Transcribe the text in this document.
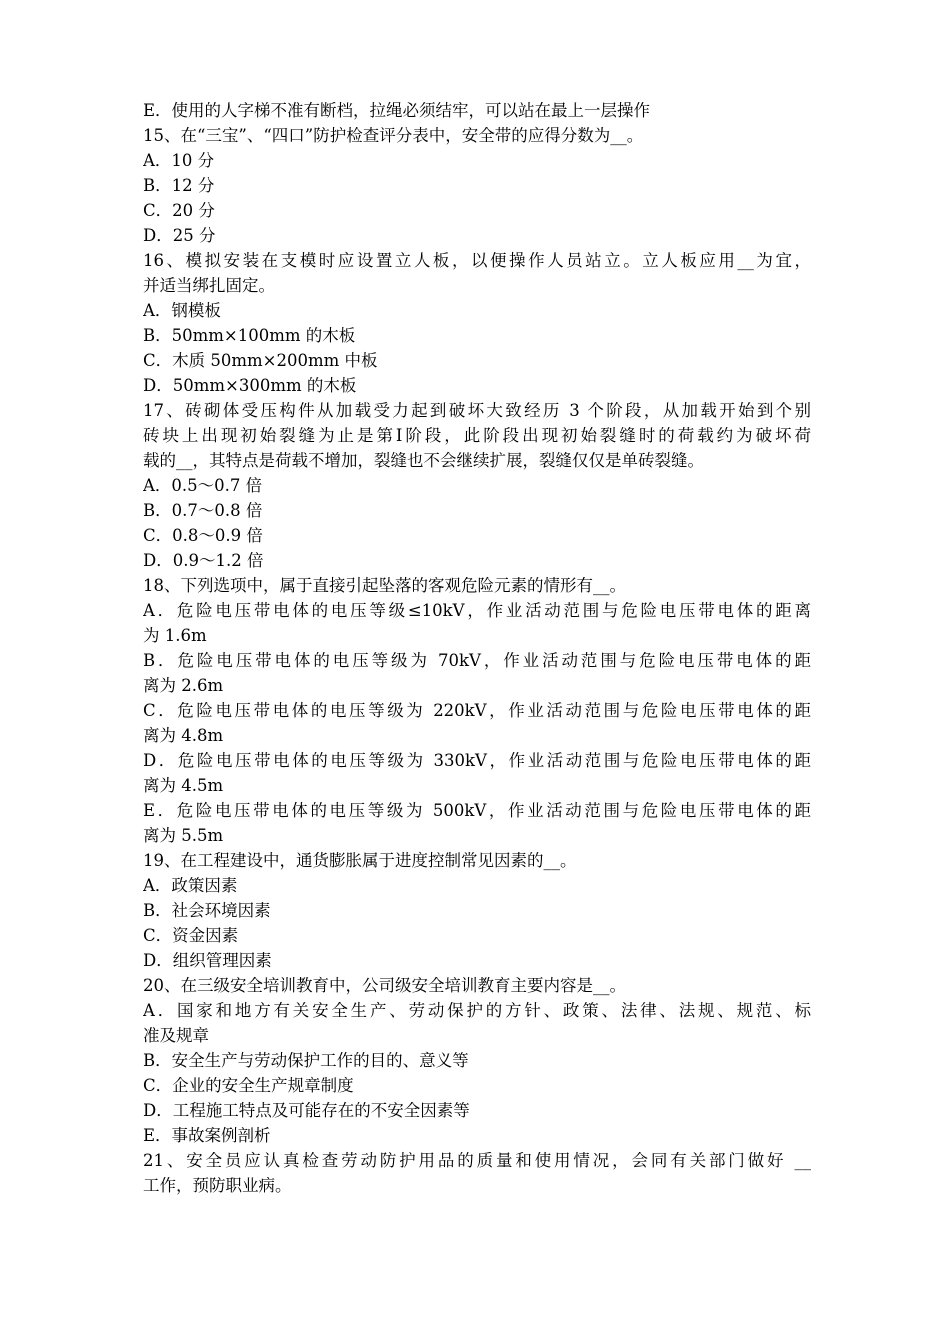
E．使用的人字梯不准有断档，拉绳必须结牢，可以站在最上一层操作
15、在“三宝”、“四口”防护检查评分表中，安全带的应得分数为__。
A．10 分
B．12 分
C．20 分
D．25 分
16、模拟安装在支模时应设置立人板，以便操作人员站立。立人板应用__为宜，
并适当绑扎固定。
A．钢模板
B．50mm×100mm 的木板
C．木质 50mm×200mm 中板
D．50mm×300mm 的木板
17、砖砌体受压构件从加载受力起到破坏大致经历 3 个阶段，从加载开始到个别
砖块上出现初始裂缝为止是第Ⅰ阶段，此阶段出现初始裂缝时的荷载约为破坏荷
载的__，其特点是荷载不增加，裂缝也不会继续扩展，裂缝仅仅是单砖裂缝。
A．0.5～0.7 倍
B．0.7～0.8 倍
C．0.8～0.9 倍
D．0.9～1.2 倍
18、下列选项中，属于直接引起坠落的客观危险元素的情形有__。
A．危险电压带电体的电压等级≤10kV，作业活动范围与危险电压带电体的距离
为 1.6m
B．危险电压带电体的电压等级为 70kV，作业活动范围与危险电压带电体的距
离为 2.6m
C．危险电压带电体的电压等级为 220kV，作业活动范围与危险电压带电体的距
离为 4.8m
D．危险电压带电体的电压等级为 330kV，作业活动范围与危险电压带电体的距
离为 4.5m
E．危险电压带电体的电压等级为 500kV，作业活动范围与危险电压带电体的距
离为 5.5m
19、在工程建设中，通货膨胀属于进度控制常见因素的__。
A．政策因素
B．社会环境因素
C．资金因素
D．组织管理因素
20、在三级安全培训教育中，公司级安全培训教育主要内容是__。
A．国家和地方有关安全生产、劳动保护的方针、政策、法律、法规、规范、标
准及规章
B．安全生产与劳动保护工作的目的、意义等
C．企业的安全生产规章制度
D．工程施工特点及可能存在的不安全因素等
E．事故案例剖析
21、安全员应认真检查劳动防护用品的质量和使用情况，会同有关部门做好 __
工作，预防职业病。
